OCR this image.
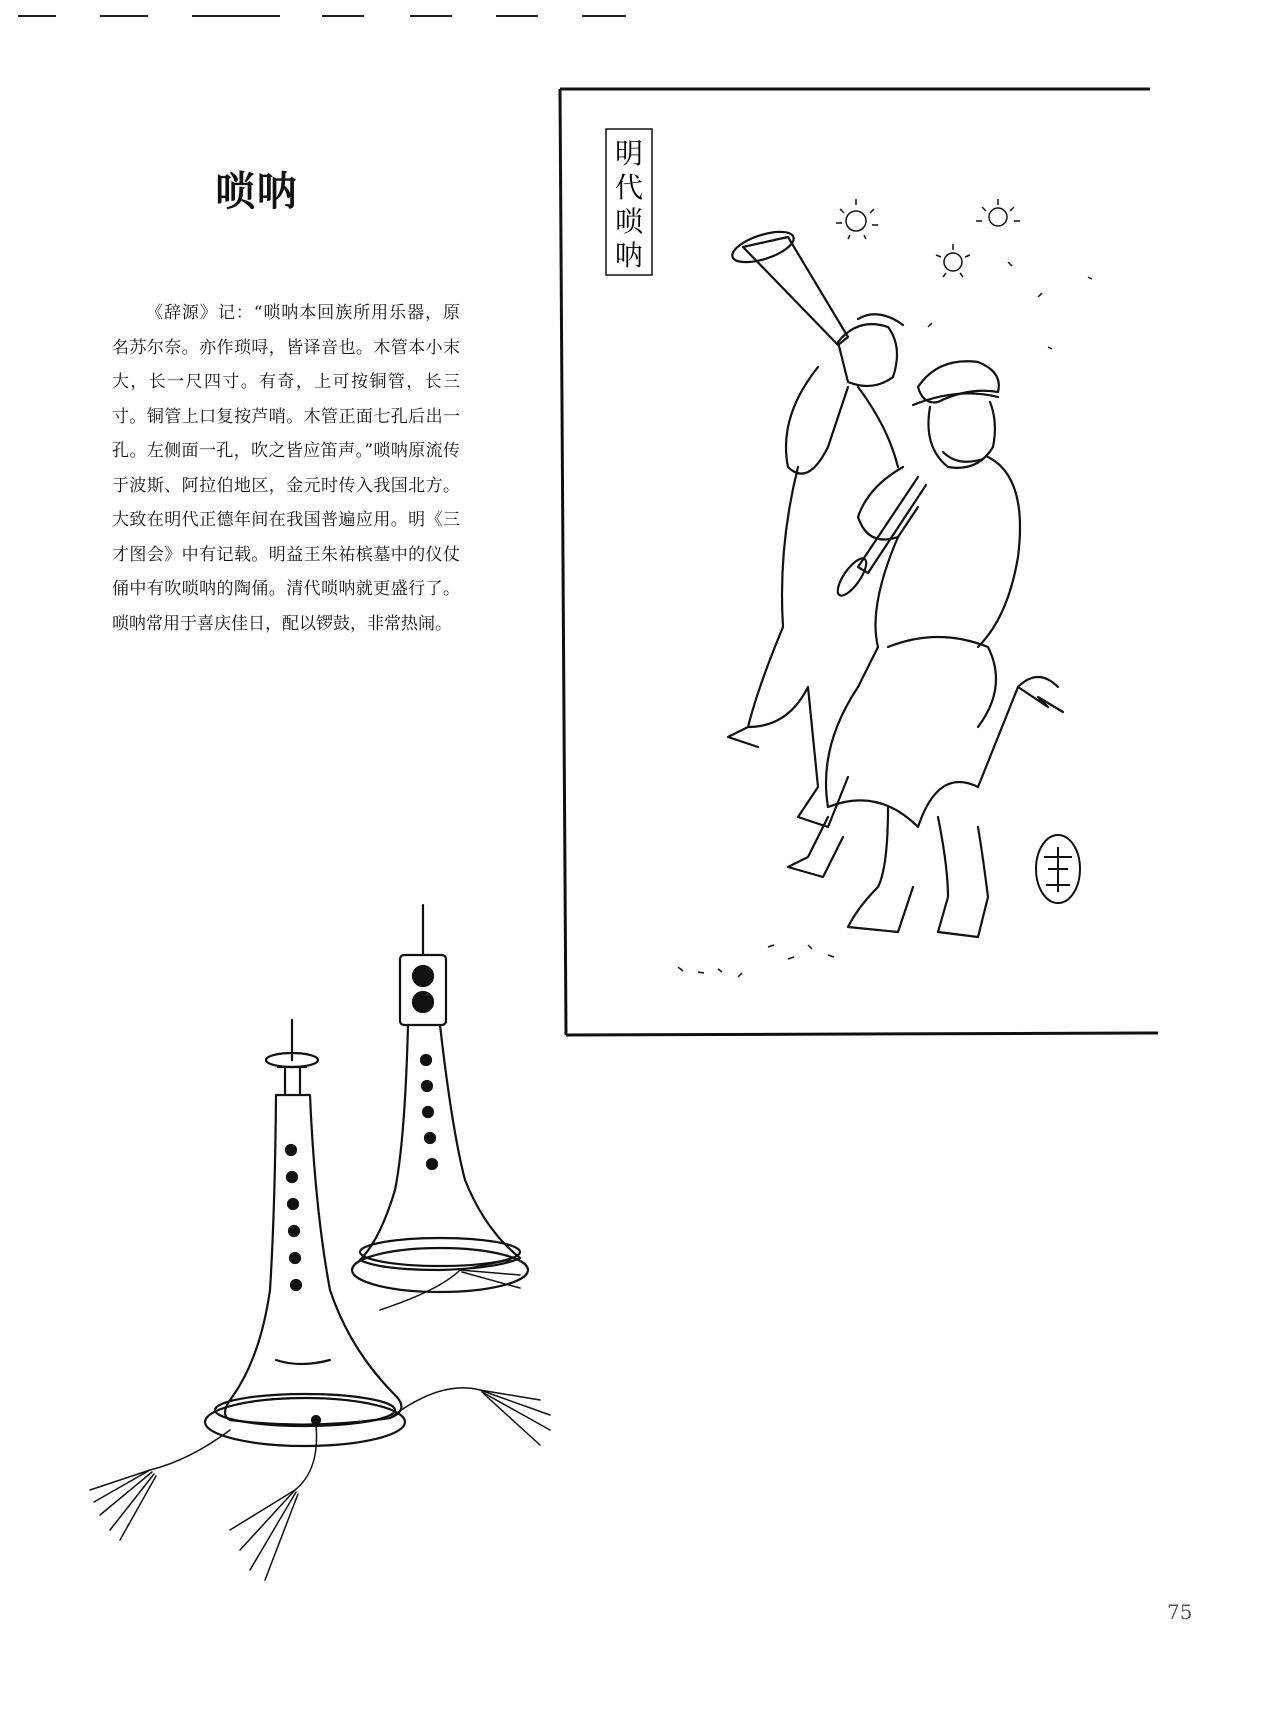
唢呐

《辞源》记：“唢呐本回族所用乐器，原名苏尔奈。亦作琐㖊，皆译音也。木管本小末大，长一尺四寸。有奇，上可按铜管，长三寸。铜管上口复按芦哨。木管正面七孔后出一孔。左侧面一孔，吹之皆应笛声。”唢呐原流传于波斯、阿拉伯地区，金元时传入我国北方。大致在明代正德年间在我国普遍应用。明《三才图会》中有记载。明益王朱祐槟墓中的仪仗俑中有吹唢呐的陶俑。清代唢呐就更盛行了。唢呐常用于喜庆佳日，配以锣鼓，非常热闹。

明
代
唢
呐
75
